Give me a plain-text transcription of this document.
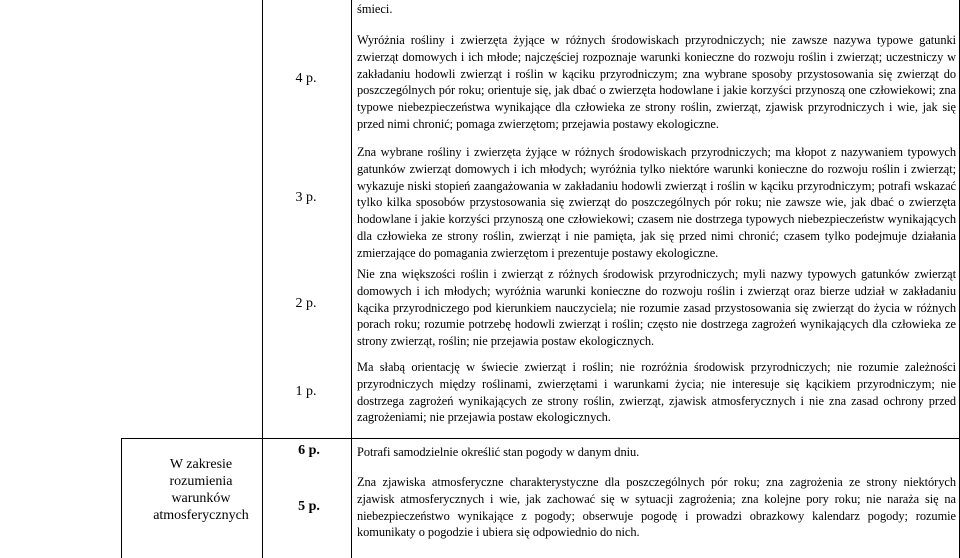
śmieci.
4 p.
Wyróżnia rośliny i zwierzęta żyjące w różnych środowiskach przyrodniczych; nie zawsze nazywa typowe gatunki zwierząt domowych i ich młode; najczęściej rozpoznaje warunki konieczne do rozwoju roślin i zwierząt; uczestniczy w zakładaniu hodowli zwierząt i roślin w kąciku przyrodniczym; zna wybrane sposoby przystosowania się zwierząt do poszczególnych pór roku; orientuje się, jak dbać o zwierzęta hodowlane i jakie korzyści przynoszą one człowiekowi; zna typowe niebezpieczeństwa wynikające dla człowieka ze strony roślin, zwierząt, zjawisk przyrodniczych i wie, jak się przed nimi chronić; pomaga zwierzętom; przejawia postawy ekologiczne.
3 p.
Zna wybrane rośliny i zwierzęta żyjące w różnych środowiskach przyrodniczych; ma kłopot z nazywaniem typowych gatunków zwierząt domowych i ich młodych; wyróżnia tylko niektóre warunki konieczne do rozwoju roślin i zwierząt; wykazuje niski stopień zaangażowania w zakładaniu hodowli zwierząt i roślin w kąciku przyrodniczym; potrafi wskazać tylko kilka sposobów przystosowania się zwierząt do poszczególnych pór roku; nie zawsze wie, jak dbać o zwierzęta hodowlane i jakie korzyści przynoszą one człowiekowi; czasem nie dostrzega typowych niebezpieczeństw wynikających dla człowieka ze strony roślin, zwierząt i nie pamięta, jak się przed nimi chronić; czasem tylko podejmuje działania zmierzające do pomagania zwierzętom i prezentuje postawy ekologiczne.
2 p.
Nie zna większości roślin i zwierząt z różnych środowisk przyrodniczych; myli nazwy typowych gatunków zwierząt domowych i ich młodych; wyróżnia warunki konieczne do rozwoju roślin i zwierząt oraz bierze udział w zakładaniu kącika przyrodniczego pod kierunkiem nauczyciela; nie rozumie zasad przystosowania się zwierząt do życia w różnych porach roku; rozumie potrzebę hodowli zwierząt i roślin; często nie dostrzega zagrożeń wynikających dla człowieka ze strony zwierząt, roślin; nie przejawia postaw ekologicznych.
1 p.
Ma słabą orientację w świecie zwierząt i roślin; nie rozróżnia środowisk przyrodniczych; nie rozumie zależności przyrodniczych między roślinami, zwierzętami i warunkami życia; nie interesuje się kącikiem przyrodniczym; nie dostrzega zagrożeń wynikających ze strony roślin, zwierząt, zjawisk atmosferycznych i nie zna zasad ochrony przed zagrożeniami; nie przejawia postaw ekologicznych.
W zakresie rozumienia warunków atmosferycznych
6 p.	Potrafi samodzielnie określić stan pogody w danym dniu.
5 p.
Zna zjawiska atmosferyczne charakterystyczne dla poszczególnych pór roku; zna zagrożenia ze strony niektórych zjawisk atmosferycznych i wie, jak zachować się w sytuacji zagrożenia; zna kolejne pory roku; nie naraża się na niebezpieczeństwo wynikające z pogody; obserwuje pogodę i prowadzi obrazkowy kalendarz pogody; rozumie komunikaty o pogodzie i ubiera się odpowiednio do nich.
